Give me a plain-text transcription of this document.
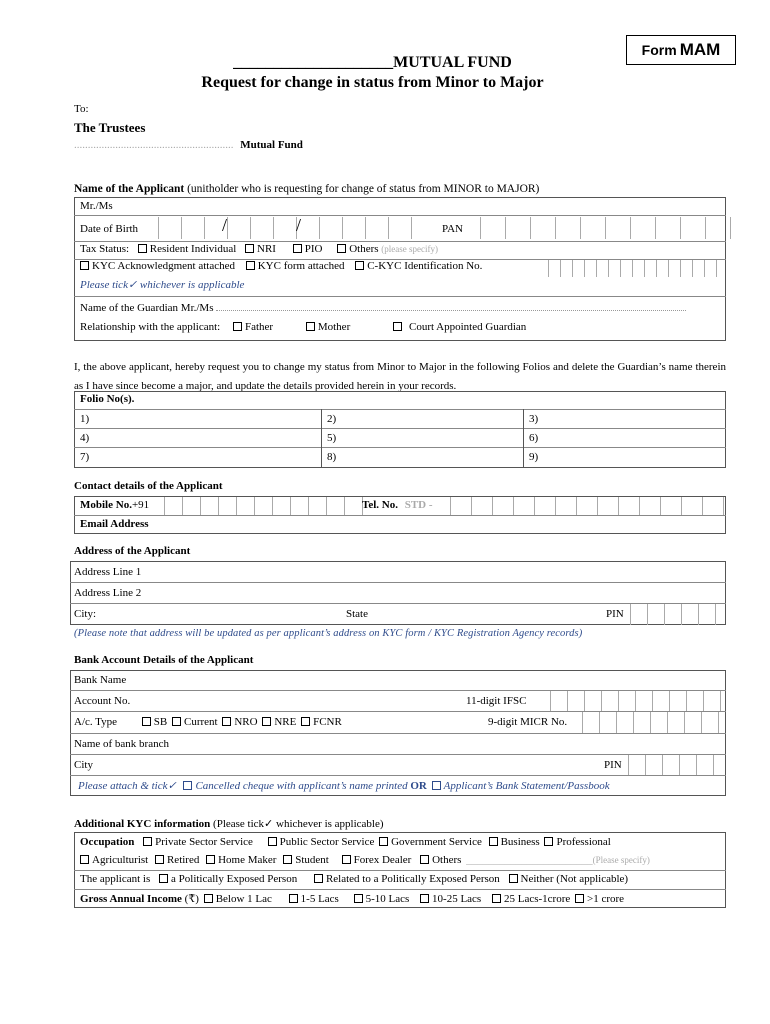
Form MAM
____________________MUTUAL FUND
Request for change in status from Minor to Major
To:
The Trustees
.......................................................... Mutual Fund
Name of the Applicant (unitholder who is requesting for change of status from MINOR to MAJOR)
Mr./Ms
Date of Birth	/	/	PAN
Tax Status: Resident Individual NRI	PIO Others (please specify)
KYC Acknowledgment attached KYC form attached C-KYC Identification No.
Please tick✓ whichever is applicable
Name of the Guardian Mr./Ms
Relationship with the applicant: Father	Mother	Court Appointed Guardian
I, the above applicant, hereby request you to change my status from Minor to Major in the following Folios and delete the Guardian’s name therein as I have since become a major, and update the details provided herein in your records.
Folio No(s).
1)	2)	3)
4)	5)	6)
7)	8)	9)
Contact details of the Applicant
Mobile No.+91	Tel. No. STD -
Email Address
Address of the Applicant
Address Line 1
Address Line 2
City:	State	PIN
(Please note that address will be updated as per applicant’s address on KYC form / KYC Registration Agency records)
Bank Account Details of the Applicant
Bank Name
Account No.	11-digit IFSC
A/c. Type	SB Current NRO NRE FCNR	9-digit MICR No.
Name of bank branch
City	PIN
Please attach & tick✓ Cancelled cheque with applicant’s name printed OR Applicant’s Bank Statement/Passbook
Additional KYC information (Please tick✓ whichever is applicable)
Occupation Private Sector Service Public Sector Service Government Service Business Professional
Agriculturist Retired Home Maker Student Forex Dealer Others _______________________(Please specify)
The applicant is a Politically Exposed Person	Related to a Politically Exposed Person Neither (Not applicable)
Gross Annual Income (₹) Below 1 Lac	1-5 Lacs 5-10 Lacs 10-25 Lacs 25 Lacs-1crore >1 crore
